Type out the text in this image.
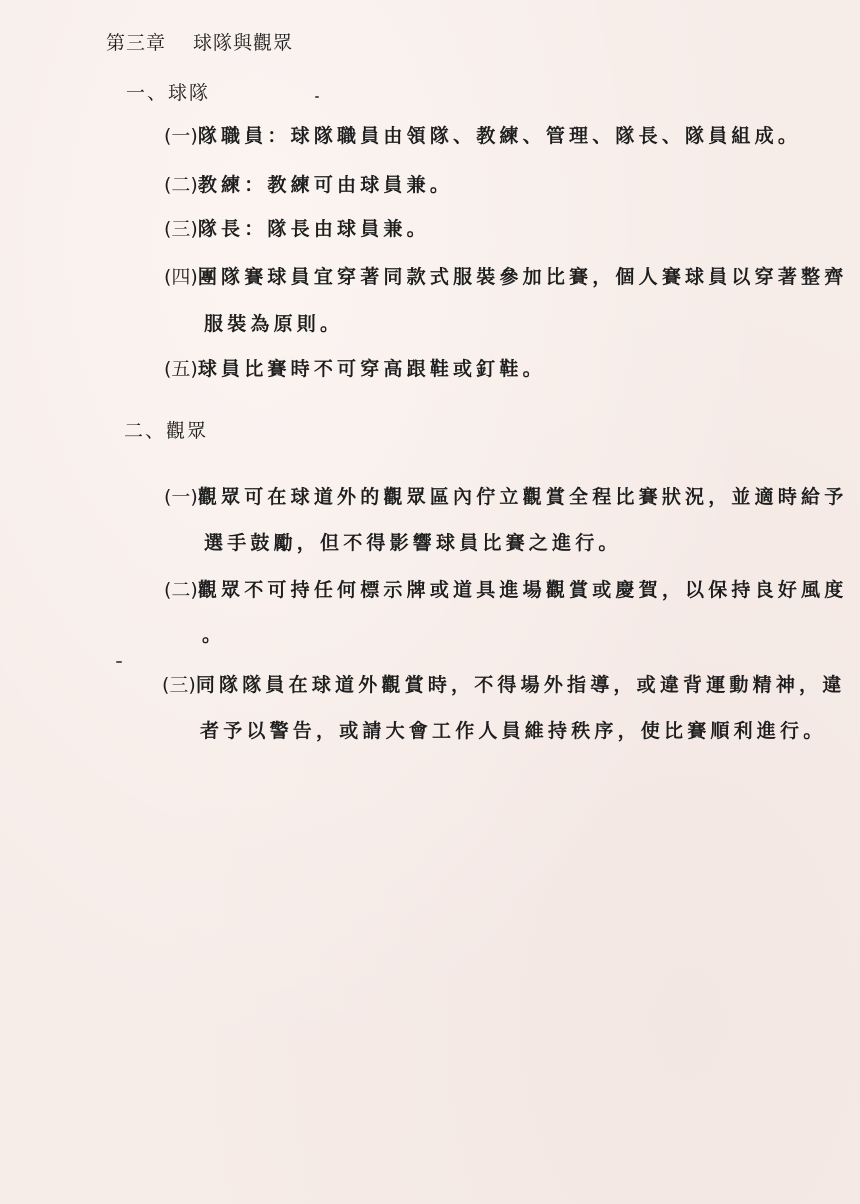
第三章　 球隊與觀眾
一、球隊
(一)隊職員：球隊職員由領隊、教練、管理、隊長、隊員組成。
(二)教練：教練可由球員兼。
(三)隊長：隊長由球員兼。
(四)團隊賽球員宜穿著同款式服裝參加比賽，個人賽球員以穿著整齊
服裝為原則。
(五)球員比賽時不可穿高跟鞋或釘鞋。
二、觀眾
(一)觀眾可在球道外的觀眾區內佇立觀賞全程比賽狀況，並適時給予
選手鼓勵，但不得影響球員比賽之進行。
(二)觀眾不可持任何標示牌或道具進場觀賞或慶賀，以保持良好風度
。
(三)同隊隊員在球道外觀賞時，不得場外指導，或違背運動精神，違
者予以警告，或請大會工作人員維持秩序，使比賽順利進行。
